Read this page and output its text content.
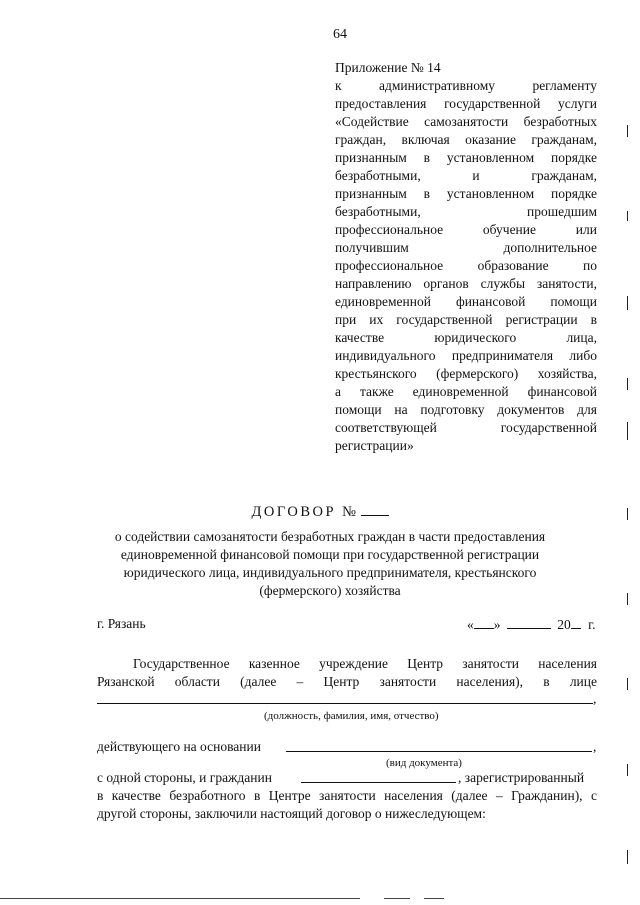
64
Приложение № 14
к административному регламенту
предоставления государственной услуги
«Содействие самозанятости безработных
граждан, включая оказание гражданам,
признанным в установленном порядке
безработными, и гражданам,
признанным в установленном порядке
безработными, прошедшим
профессиональное обучение или
получившим дополнительное
профессиональное образование по
направлению органов службы занятости,
единовременной финансовой помощи
при их государственной регистрации в
качестве юридического лица,
индивидуального предпринимателя либо
крестьянского (фермерского) хозяйства,
а также единовременной финансовой
помощи на подготовку документов для
соответствующей государственной
регистрации»
ДОГОВОР №
о содействии самозанятости безработных граждан в части предоставления
единовременной финансовой помощи при государственной регистрации
юридического лица, индивидуального предпринимателя, крестьянского
(фермерского) хозяйства
г. Рязань	« »	20 г.
Государственное казенное учреждение Центр занятости населения
Рязанской области (далее – Центр занятости населения), в лице
,
(должность, фамилия, имя, отчество)
действующего на основании	,
(вид документа)
с одной стороны, и гражданин	, зарегистрированный
в качестве безработного в Центре занятости населения (далее – Гражданин), с
другой стороны, заключили настоящий договор о нижеследующем:
